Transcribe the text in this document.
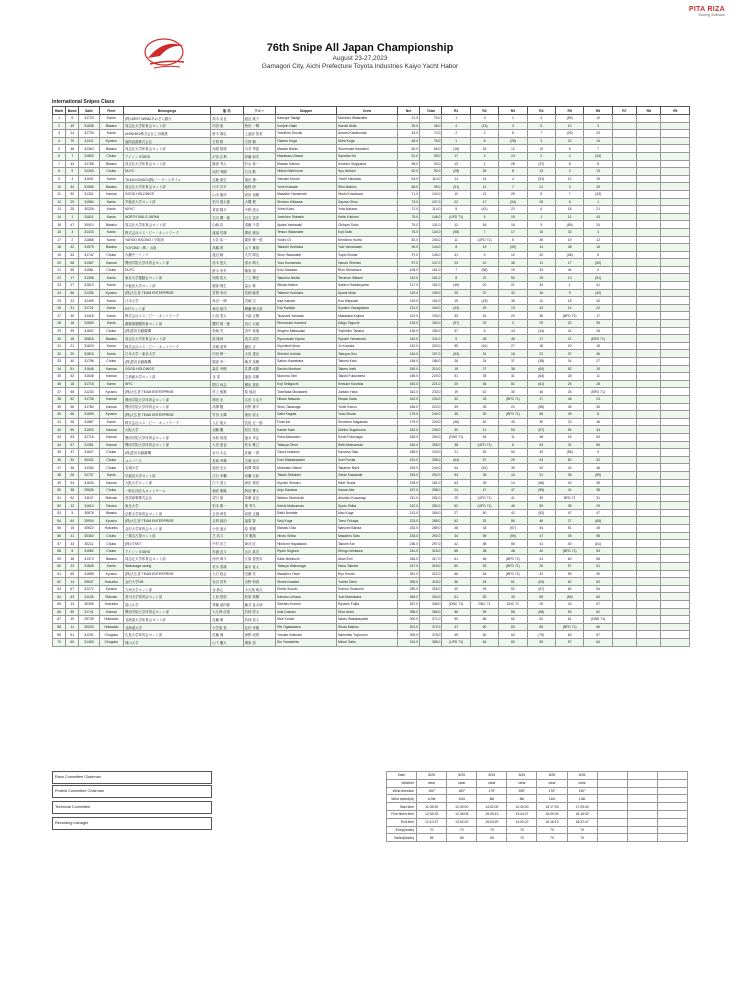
PITA RIZA
Scoring Software
76th Snipe All Japan Championship
August 23-27,2023
Gamagori City, Aichi Prefecture Toyota Industries Kaiyo Yacht Habor
International Snipes Class
Rank	Bow#	Sail#	Fleet	Belongings	船 名	クルー	Skipper	Crew	Net	Total	R1	R2	R3	R4	R5	R6	R7	R8	R9
1	6	31723	Kanto	(株) BEST WIND/あおぞら銀行	高木 克也	渡辺 桃子	Katsuya Takagi	Momoko Watanabe	21.0	76.0	1	3	1	4	(55)	10			
2	49	31838	Biwako	同志社大学体育会ヨット部	内田 航	秋田 一輝	Kohjirin Naiki	Kazuki Akita	25.0	38.0	4	(13)	3	5	10	3			
3	24	31733	Kanto	UNISHIKI/株式会社上田鋳鉄	鈴木 義弘	上渡部 智美	Yoshihiro Suzuki	Amami Kamikonda	43.0	72.0	2	2	8	7	(29)	23			
4	70	31411	Kyushu	福岡直進株式会社	古賀 修	古賀 顕	Osamu Koga	Akira Koga	48.0	76.0	1	8	(28)	3	22	14			
5	46	31363	Biwako	同志社大学体育会ヨット部	西尾 昭瑛	川井 秀恵	Masaki Nishio	Shuresuke Kawaichi	50.0	66.0	(16)	15	12	10	6	7			
6	7	31853	Chubu	アイシン STARS	沢田 正利	伊藤 和矢	Masakazu Sawai	Kazuhiro Ito	51.0	95.0	17	4	24	2	4	(44)			
7	43	31788	Biwako	同志社大学体育会ヨット部	落部 秀人	杉山 尋一	Masato Kakino	Koichiro Sugiyama	58.0	93.0	13	1	26	(37)	8	8			
8	9	31263	Chubu	DUYC	西村 秀樹	石谷 勲	Hideki Nishimura	Syo Ishitani	62.0	90.0	(28)	26	8	13	2	13			
9	4	31601	Kanto	TEAM KONDO/(株)ノーザンスタイル	近藤 康史	濱田 優一	Yasushi Kondo	Yuichi Hamada	63.0	114.0	14	14	4	(51)	12	19			
10	44	31565	Biwako	同志社大学体育会ヨット部	川平 洋平	稲野 研	Yohei Kawate	Riku Makino	68.0	99.0	(31)	12	7	21	3	25			
11	50	31301	Kansai	GOOD HOLDINGS	山本 雅彦	高田 裕樹	Masahiri Yamamoto	Hiroki Kuwahara	71.0	104.0	10	21	25	8	7	(33)			
12	29	31584	Kanto	早稲田大学ヨット部	松川 翔太郎	大槻 俊	Shotaro Kikkawa	Sayma Ohno	73.0	107.0	22	17	(34)	28	5	1			
13	25	30228	Kanto	MYKC	倉富 陽平	中野 悠太	Yohei Koso	Yuta Nakano	72.0	114.0	5	(41)	23	6	18	21			
14	1	31811	Kanto	NORTH SAILS JAPAN	石川 潤一郎	行方 祐介	Junichiro Shirashi	Keita Yukinori	75.0	146.0	(UFD 71)	5	15	1	11	43			
15	47	30010	Biwako	同志社大学体育会ヨット部	山崎 彩	清藤 千香	Ayaka Yamazaki	Chiharu Sudo	75.0	131.0	12	18	16	9	(56)	20			
16	3	31433	Kanto	株式会社エス・ピー・ネットワーク	渡邊 哲雄	澤田 康治	Tetsuo Watanabe	Koji Saito	76.0	134.0	(58)	7	17	15	33	4			
17	2	31868	Kanto	YAHOO RACING / 早稲田	大井 祐一	栗田 修一郎	Yuichi Oi	Kenichiro Kurita	82.0	153.0	11	(UFD 71)	5	35	19	12			
18	42	31575	Biwako	TOYOBO（株）山陰	高橋 貴	山下 雄基	Takashi Yoshioka	Yuki Yamanashi	95.0	144.0	8	19	(49)	14	38	16			
19	33	31742	Chubu	永瀬モーリング	渡辺 瞬	大宮 晴也	Shun Watanabe	Yuya Ohmae	97.0	145.0	41	9	10	32	(48)	5			
20	58	31387	Kansai	関西学院大学体育会ヨット部	高木 悠人	清水 晴大	Yuto Kumamoto	Haruto Shimizu	97.0	147.0	23	10	36	11	17	(50)			
21	35	31581	Chubu	DUYC	鈴木 孝介	篠原 凛	Koki Sawada	Rion Shinohara	105.0	161.0	7	(56)	19	33	44	2			
22	17	31308	Kanto	東京大学運動会ヨット部	西尾 拓大	三上 輝光	Takuhiro Nishio	Terumori Mikami	110.0	161.0	8	22	50	19	13	(51)			
23	27	31813	Kanto	早稲田大学ヨット部	服部 理生	畠山 賢	Rikuta Hattori	Kakeru Hatakeyama	117.0	162.0	(45)	20	21	34	1	41			
24	66	31255	Kyushu	(株)大広者 TEAM ENTERPRISE	宮岡 孝治	長柄 綾美	Takeshi Yoshioka	Ayami Muta	119.0	159.0	25	37	32	16	9	(40)			
25	22	31495	Kanto	日本大学	角谷 一徳	宮崎 空	Issa Kakuta	Kou Miyazaki	119.0	162.0	15	(43)	35	12	15	42			
26	31	31721	Kanto	NTTロット部	神谷 航司	柳瀬 俊太郎	Koji Kamiya	Kyutaro Yanagisawa	121.0	164.0	(43)	29	13	43	14	22			
27	30	31415	Kanto	株式会社エス・ピー・ネットワーク	山田 豊大	小森 正樹	Tsuyoshi Yamada	Masataka Kojima	122.0	193.0	33	16	20	36	(BFD 71)	17			
28	16	31809	Kanto	慶應義塾體育會ヨット部	櫻村 雄一郎	田口 大地	Rinnosuke Isomura	Daigo Taguchi	125.0	182.0	(57)	23	2	29	32	39			
29	39	31802	Chubu	(株)豊田自動織機	松崎 茂	田中 寿葉	Shigeru Matsuzaki	Toshihiko Tanaka	136.0	180.0	37	6	43	(44)	24	26			
30	18	30818	Biwako	同志社大学体育会ヨット部	原 隆尚	浅井 清史	Ryunosuke Hyodo	Kiyoshi Yamamoto	140.0	211.0	9	48	45	17	21	(BFD 71)			
31	21	31620	Kanto	株式会社エス・ピー・ネットワーク	井嶋 清秀	濃田 言	Kiyomichi Ijima	Jo Kunoda	142.0	203.0	59	(61)	27	18	20	18			
32	20	31815	Kanto	日本大学・東京大学	内田 伸一	太田 達也	Shinichi Uchida	Tatsuya Ono	144.0	197.0	(53)	31	18	22	37	36			
33	40	31756	Chubu	(株)豊田自動織機	服部 幸一	亀井 拓樹	Satoru Kawahara	Takumi Kato	148.0	186.0	26	24	37	(38)	34	27			
34	51	31646	Kansai	GOOD HOLDINGS	森井 幸樹	井澤 成繁	Sachio Moribari	Takeru Iseki	150.0	210.0	18	27	38	(60)	52	15			
35	52	31638	Kansai	立命館大学ヨット部	谷 望	福島 卓樹	Nozomu Tani	Takuki Fukushima	156.0	220.0	51	35	31	(64)	28	11			
36	18	31715	Kanto	WYC	関口 尚志	柳田 恵佑	Koji Sekiguchi	Keisuke Kushida	160.0	221.0	20	36	51	(61)	25	28			
37	65	31233	Kyushu	(株)大広者 TEAM ENTERPRISE	村上 敏憲	原 純治	Toshitaka Murakami	Juntaro Hara	162.0	233.0	19	42	30	45	26	(BFD 71)			
38	52	31735	Kansai	関西学院大学体育会ヨット部	増田 光	名田 ひなた	Hikaru Masuda	Hinata Sada	162.0	233.0	32	33	(BFD 71)	27	48	24			
39	56	31780	Kansai	関西学院大学体育会ヨット部	高澤 駿	河野 雄平	Shun Takasuga	Yohei Kouno	166.0	222.0	39	25	22	(56)	45	35			
40	66	31699	Kyushu	(株)大広者 TEAM ENTERPRISE	竹田 大輝	奥田 佑太	Daiki Kagota	Yuta Okuda	176.0	249.0	35	30	(BFD 71)	58	49	6			
41	28	31687	Kanto	株式会社エス・ピー・ネットワーク	入江 航大	長島 正一郎	Fuita Irie	Shoichiro Nagatuka	179.0	225.0	(46)	40	40	30	23	46			
42	55	31520	Kansai	大阪大学	加藤 楓	紀住 亮汰	Kaede Kato	Akihiro Suganuma	182.0	239.0	30	11	53	(57)	54	34			
43	53	31716	Kansai	関西学院大学体育会ヨット部	赤松 裕翔	福永 幸志	Fuka Akamatsu	Koshi Fukunaga	183.0	254.0	(DNS 71)	45	11	48	16	63			
44	57	31351	Kansai	関西学院大学体育会ヨット部	大田 達也	松本 雅己	Tatsuya Ohori	Reiki Matsumoto	184.0	255.0	38	(UFD 71)	6	53	31	56			
45	37	31647	Chubu	(株)豊田自動織機	岩月 大志	佐藤 一貴	Ozora Iwatsuki	Kazuma Sato	185.0	243.0	21	52	54	49	(58)	9			
46	32	30332	Chubu	ユニバース	若林 幸輝	古畑 光平	Koki Wakabayashi	Koki Furuta	191.0	255.0	(64)	57	29	23	50	32			
47	36	31353	Chubu	名城大学	堀田 光太	西澤 瑛寿	Motoharu Nishio	Takahiro Nishi	193.0	244.0	44	(51)	39	20	42	48			
48	26	31737	Kanto	早稲田大学ヨット部	白石 孝輔	河瀬 太紀	Takaki Shiraishi	Genki Kawasaki	193.0	252.0	54	28	44	31	36	(59)			
49	54	31634	Kansai	大阪大学ヨット部	白子 清士	津田 義昌	Kiyoshi Shiraku	Mirei Tsuda	195.0	261.0	63	39	14	(66)	40	39			
50	38	29635	Chubu	一般社団法人ヨットチーム	朝倉 康隆	阿部 蒼人	Anju Kazawa	Kanae Abe	197.0	258.0	24	47	47	(59)	41	38			
51	62	31107	Shikoku	鳥居商事株式会社	望月 航	草薙 直也	Wataru Mochizuki	Atsuhiro Kusanagi	211.0	282.0	29	(UFD 71)	41	39	BFD 71	31			
52	12	31614	Tohoku	東北大学	松本 雄一	奥 秀斗	Keishi Matsumoto	Syuto Shiba	212.0	283.0	52	(UFD 71)	46	50	35	29			
53	5	30678	Biwako	京都大学体育会ヨット部	吉田 章吾	高尾 圭舗	Raiki Numata	Mao Koga	213.0	265.0	27	50	42	(52)	47	47			
54	64	29904	Kyushu	(株)大広者 TEAM ENTERPRISE	吉賀 誠治	福屋 智	Seiji Koga	Tomo Fukaya	223.0	288.0	62	32	56	46	27	(65)			
55	15	30622	Hokuriku	金沢大学体育会ヨット部	小田 凌太	原 美穂	Manato Oda	Natsumi Banda	232.0	289.0	48	34	(57)	54	51	45			
56	41	30360	Chubu	三重名古屋ヨット部	芝 浩斗	市 雅瑛	Hiroto Shiba	Masahiro Sato	233.0	292.0	34	55	(59)	47	39	58			
57	34	30211	Chubu	(株) ITSKT	中村 宏之	神谷 匠	Hirofumi Hayakawa	Takumi Kai	236.0	297.0	42	58	55	41	40	(61)			
58	8	31582	Chubu	アイシン STARS	杉浦 良斗	吉川 真吾	Ryoto Sugiura	Shingo Ishikawa	244.0	315.0	65	38	48	40	(BFD 71)	53			
59	48	31373	Biwako	同志社大学体育会ヨット部	西内 海斗	江原 恵里奈	Kaito Nishiuchi	Akari Emi	246.0	317.0	61	46	(BFD 71)	24	60	55			
60	23	31845	Kanto	Wakonaga racing	若永 泰典	森永 直人	Tatsuya Wakonaga	Hana Takeda	247.0	318.0	60	53	(BFD 71)	26	57	51			
61	69	31855	Kyushu	(株)大広者 TEAM ENTERPRISE	大石 政志	近藤 亮	Masahiro Oishi	Ryo Kondo	251.0	322.0	66	54	(BFD 71)	42	59	30			
62	14	29637	Hokuriku	金沢大学OB	岩谷 昌孝	出野 和真	Shokei Iwatani	Yushin Dens	255.0	318.0	36	44	61	(63)	62	52			
63	67	31272	Kyushu	九州大学ヨット部	谷 新心	小久保 明久	Eishin Suzuki	Kotono Tsutsuchi	259.0	326.0	40	49	52	(67)	64	54			
64	63	31108	Shikoku	香川大学体育会ヨット部	上西 悠悟	松原 和樹	Kahoko Uehara	Yuki Matsubara	266.0	334.0	61	53	33	55	(65)	60			
65	13	30305	Hokuriku	富山大学	齊藤 誠四郎	藤井 直太朗	Seishiro Kunimi	Ryotaro Fujita	267.0	338.0	(DNC 71)	DNC 71	DNC 71	25	43	57			
66	59	31741	Kansai	関西学院大学体育会ヨット部	大久保 佳苑	若林 啓太	Ituki Dokubo	Rina Izumi	288.0	356.0	56	59	58	(68)	53	62			
67	10	29735	Hokkaido	北海道大学体育会ヨット部	近藤 萌	若林 悠人	Moe Kondo	Naoto Wakabayashi	300.0	371.0	50	65	62	62	61	(DNS 71)			
68	11	30020	Hokkaido	北海道大学	小笠原 希	北村 幸雄	Rei Ogasawara	Shota Makino	301.0	372.0	47	60	63	65	(BFD 71)	66			
69	61	31291	Chugoku	広島大学体育会ヨット部	佐藤 湘	神野 成貴	Yusuke Ishimaru	Narimitsu Toyozumi	305.0	375.0	49	62	64	(70)	63	67			
70	60	31463	Chugoku	岡山大学	山下 楓大	増原 悠	Kio Yamashita	Minori Saito	314.0	385.0	(UFD 71)	64	60	69	57	64			
Race Committee Chairman
Protest Committee Chairman
Technical Committee
Recording manager
Date	8/25	8/25	8/25	8/26	8/26	8/26			
Weather	clear	clear	clear	clear	clear	clear			
Wind direction	150°	180°	175°	255°	175°	150°			
Wind speed(kt)	6-9kt	10kt	8kt	8kt	11kt	13kt			
Start time	11:05:00	12:40:00	14:52:00	12:40:00	15:17:00	17:25:00			
First finish time	12:03:25	12:46:08	15:49:13	13:44:27	16:09:34	18:16:52			
End time	12:10:37	13:52:20	15:54:29	14:00:22	16:16:12	18:22:47			
Entry(boats)	70	70	70	70	70	70			
Sailed(boats)	69	69	69	70	70	70			
